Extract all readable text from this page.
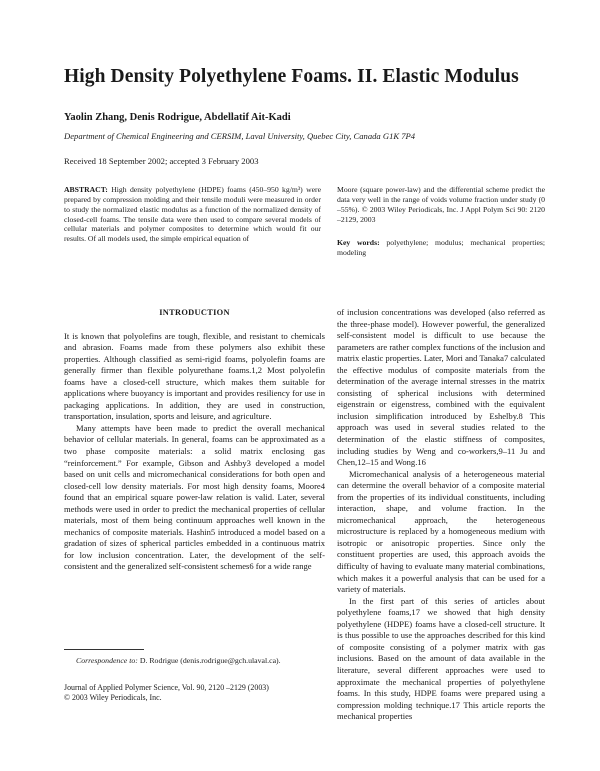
High Density Polyethylene Foams. II. Elastic Modulus
Yaolin Zhang, Denis Rodrigue, Abdellatif Ait-Kadi
Department of Chemical Engineering and CERSIM, Laval University, Quebec City, Canada G1K 7P4
Received 18 September 2002; accepted 3 February 2003
ABSTRACT: High density polyethylene (HDPE) foams (450–950 kg/m³) were prepared by compression molding and their tensile moduli were measured in order to study the normalized elastic modulus as a function of the normalized density of closed-cell foams. The tensile data were then used to compare several models of cellular materials and polymer composites to determine which would fit our results. Of all models used, the simple empirical equation of
Moore (square power-law) and the differential scheme predict the data very well in the range of voids volume fraction under study (0 –55%). © 2003 Wiley Periodicals, Inc. J Appl Polym Sci 90: 2120 –2129, 2003
Key words: polyethylene; modulus; mechanical properties; modeling
INTRODUCTION

It is known that polyolefins are tough, flexible, and resistant to chemicals and abrasion. Foams made from these polymers also exhibit these properties. Although classified as semi-rigid foams, polyolefin foams are generally firmer than flexible polyurethane foams.1,2 Most polyolefin foams have a closed-cell structure, which makes them suitable for applications where buoyancy is important and provides resiliency for use in packaging applications. In addition, they are used in construction, transportation, insulation, sports and leisure, and agriculture.

Many attempts have been made to predict the overall mechanical behavior of cellular materials. In general, foams can be approximated as a two phase composite materials: a solid matrix enclosing gas “reinforcement.” For example, Gibson and Ashby3 developed a model based on unit cells and micromechanical considerations for both open and closed-cell low density materials. For most high density foams, Moore4 found that an empirical square power-law relation is valid. Later, several methods were used in order to predict the mechanical properties of cellular materials, most of them being continuum approaches well known in the mechanics of composite materials. Hashin5 introduced a model based on a gradation of sizes of spherical particles embedded in a continuous matrix for low inclusion concentration. Later, the development of the self-consistent and the generalized self-consistent schemes6 for a wide range

of inclusion concentrations was developed (also referred as the three-phase model). However powerful, the generalized self-consistent model is difficult to use because the parameters are rather complex functions of the inclusion and matrix elastic properties. Later, Mori and Tanaka7 calculated the effective modulus of composite materials from the determination of the average internal stresses in the matrix consisting of spherical inclusions with determined eigenstrain or eigenstress, combined with the equivalent inclusion simplification introduced by Eshelby.8 This approach was used in several studies related to the determination of the elastic stiffness of composites, including studies by Weng and co-workers,9–11 Ju and Chen,12–15 and Wong.16

Micromechanical analysis of a heterogeneous material can determine the overall behavior of a composite material from the properties of its individual constituents, including interaction, shape, and volume fraction. In the micromechanical approach, the heterogeneous microstructure is replaced by a homogeneous medium with isotropic or anisotropic properties. Since only the constituent properties are used, this approach avoids the difficulty of having to evaluate many material combinations, which makes it a powerful analysis that can be used for a variety of materials.

In the first part of this series of articles about polyethylene foams,17 we showed that high density polyethylene (HDPE) foams have a closed-cell structure. It is thus possible to use the approaches described for this kind of composite consisting of a polymer matrix with gas inclusions. Based on the amount of data available in the literature, several different approaches were used to approximate the mechanical properties of polyethylene foams. In this study, HDPE foams were prepared using a compression molding technique.17 This article reports the mechanical properties

Correspondence to: D. Rodrigue (denis.rodrigue@gch.ulaval.ca).
Journal of Applied Polymer Science, Vol. 90, 2120 –2129 (2003)
© 2003 Wiley Periodicals, Inc.
